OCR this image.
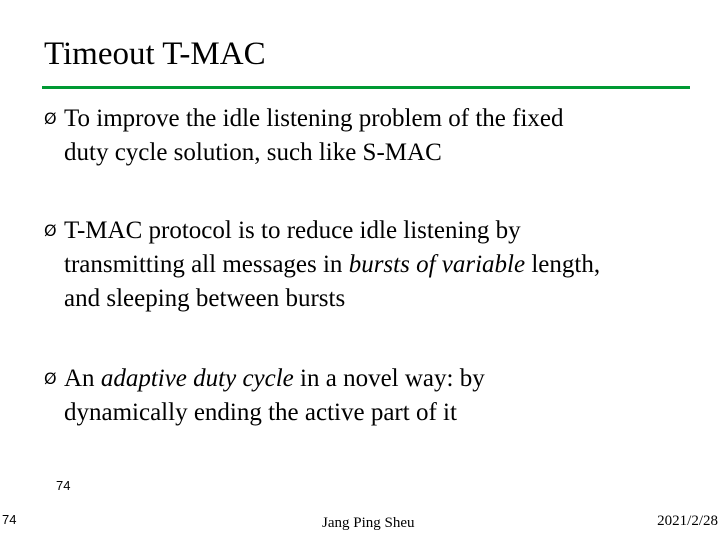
Timeout T-MAC
Ø To improve the idle listening problem of the fixed
duty cycle solution, such like S-MAC
Ø T-MAC protocol is to reduce idle listening by
transmitting all messages in bursts of variable length,
and sleeping between bursts
Ø An adaptive duty cycle in a novel way: by
dynamically ending the active part of it
74
74
Jang Ping Sheu	2021/2/28
